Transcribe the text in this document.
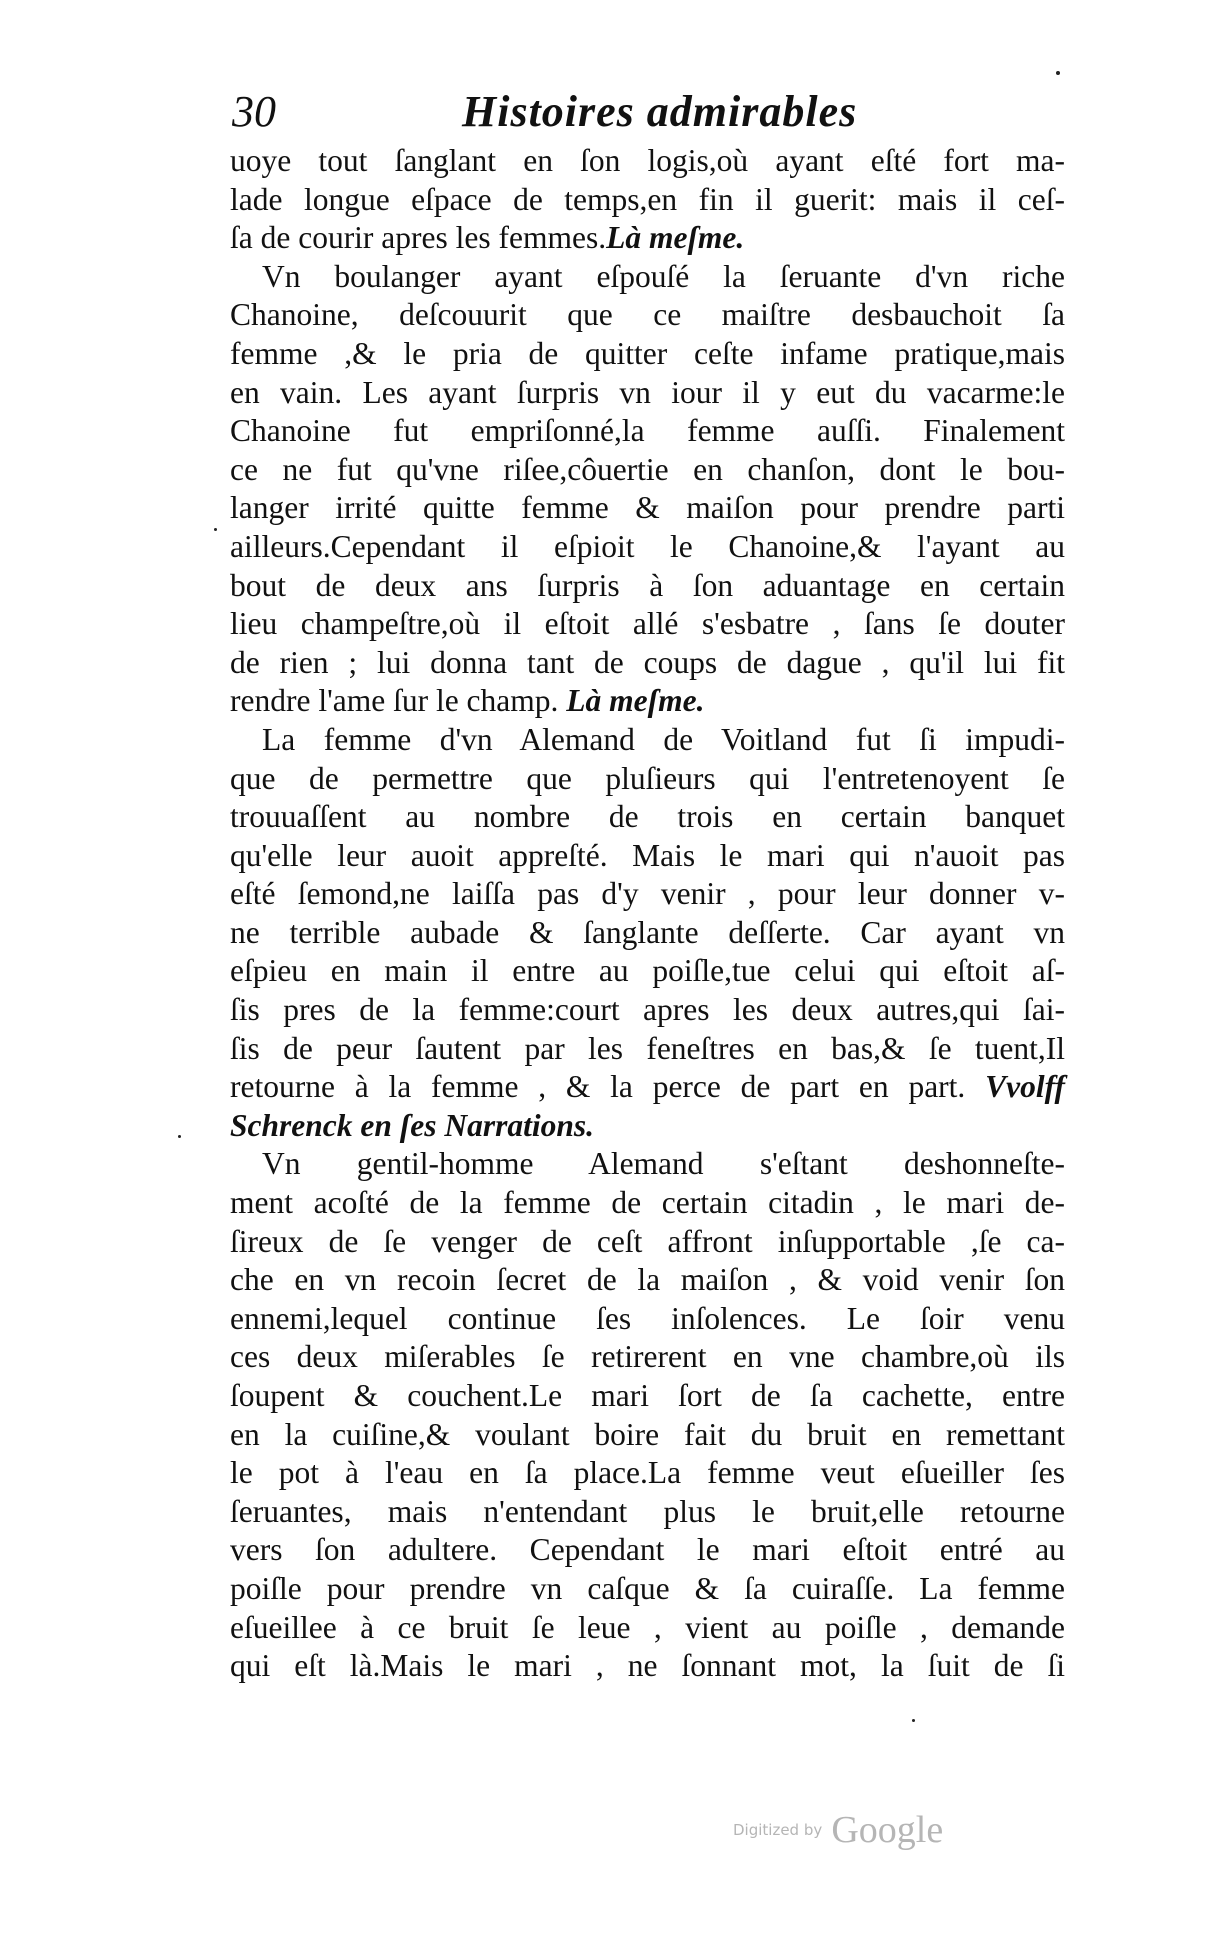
30	Histoires admirables
uoye tout ſanglant en ſon logis,où ayant eſté fort ma-
lade longue eſpace de temps,en fin il guerit: mais il ceſ-
ſa de courir apres les femmes.Là meſme.
Vn boulanger ayant eſpouſé la ſeruante d'vn riche
Chanoine, deſcouurit que ce maiſtre desbauchoit ſa
femme ,& le pria de quitter ceſte infame pratique,mais
en vain. Les ayant ſurpris vn iour il y eut du vacarme:le
Chanoine fut empriſonné,la femme auſſi. Finalement
ce ne fut qu'vne riſee,côuertie en chanſon, dont le bou-
langer irrité quitte femme & maiſon pour prendre parti
ailleurs.Cependant il eſpioit le Chanoine,& l'ayant au
bout de deux ans ſurpris à ſon aduantage en certain
lieu champeſtre,où il eſtoit allé s'esbatre , ſans ſe douter
de rien ; lui donna tant de coups de dague , qu'il lui fit
rendre l'ame ſur le champ. Là meſme.
La femme d'vn Alemand de Voitland fut ſi impudi-
que de permettre que pluſieurs qui l'entretenoyent ſe
trouuaſſent au nombre de trois en certain banquet
qu'elle leur auoit appreſté. Mais le mari qui n'auoit pas
eſté ſemond,ne laiſſa pas d'y venir , pour leur donner v-
ne terrible aubade & ſanglante deſſerte. Car ayant vn
eſpieu en main il entre au poiſle,tue celui qui eſtoit aſ-
ſis pres de la femme:court apres les deux autres,qui ſai-
ſis de peur ſautent par les feneſtres en bas,& ſe tuent,Il
retourne à la femme , & la perce de part en part. Vvolff
Schrenck en ſes Narrations.
Vn gentil-homme Alemand s'eſtant deshonneſte-
ment acoſté de la femme de certain citadin , le mari de-
ſireux de ſe venger de ceſt affront inſupportable ,ſe ca-
che en vn recoin ſecret de la maiſon , & void venir ſon
ennemi,lequel continue ſes inſolences. Le ſoir venu
ces deux miſerables ſe retirerent en vne chambre,où ils
ſoupent & couchent.Le mari ſort de ſa cachette, entre
en la cuiſine,& voulant boire fait du bruit en remettant
le pot à l'eau en ſa place.La femme veut eſueiller ſes
ſeruantes, mais n'entendant plus le bruit,elle retourne
vers ſon adultere. Cependant le mari eſtoit entré au
poiſle pour prendre vn caſque & ſa cuiraſſe. La femme
eſueillee à ce bruit ſe leue , vient au poiſle , demande
qui eſt là.Mais le mari , ne ſonnant mot, la ſuit de ſi
Digitized by Google
